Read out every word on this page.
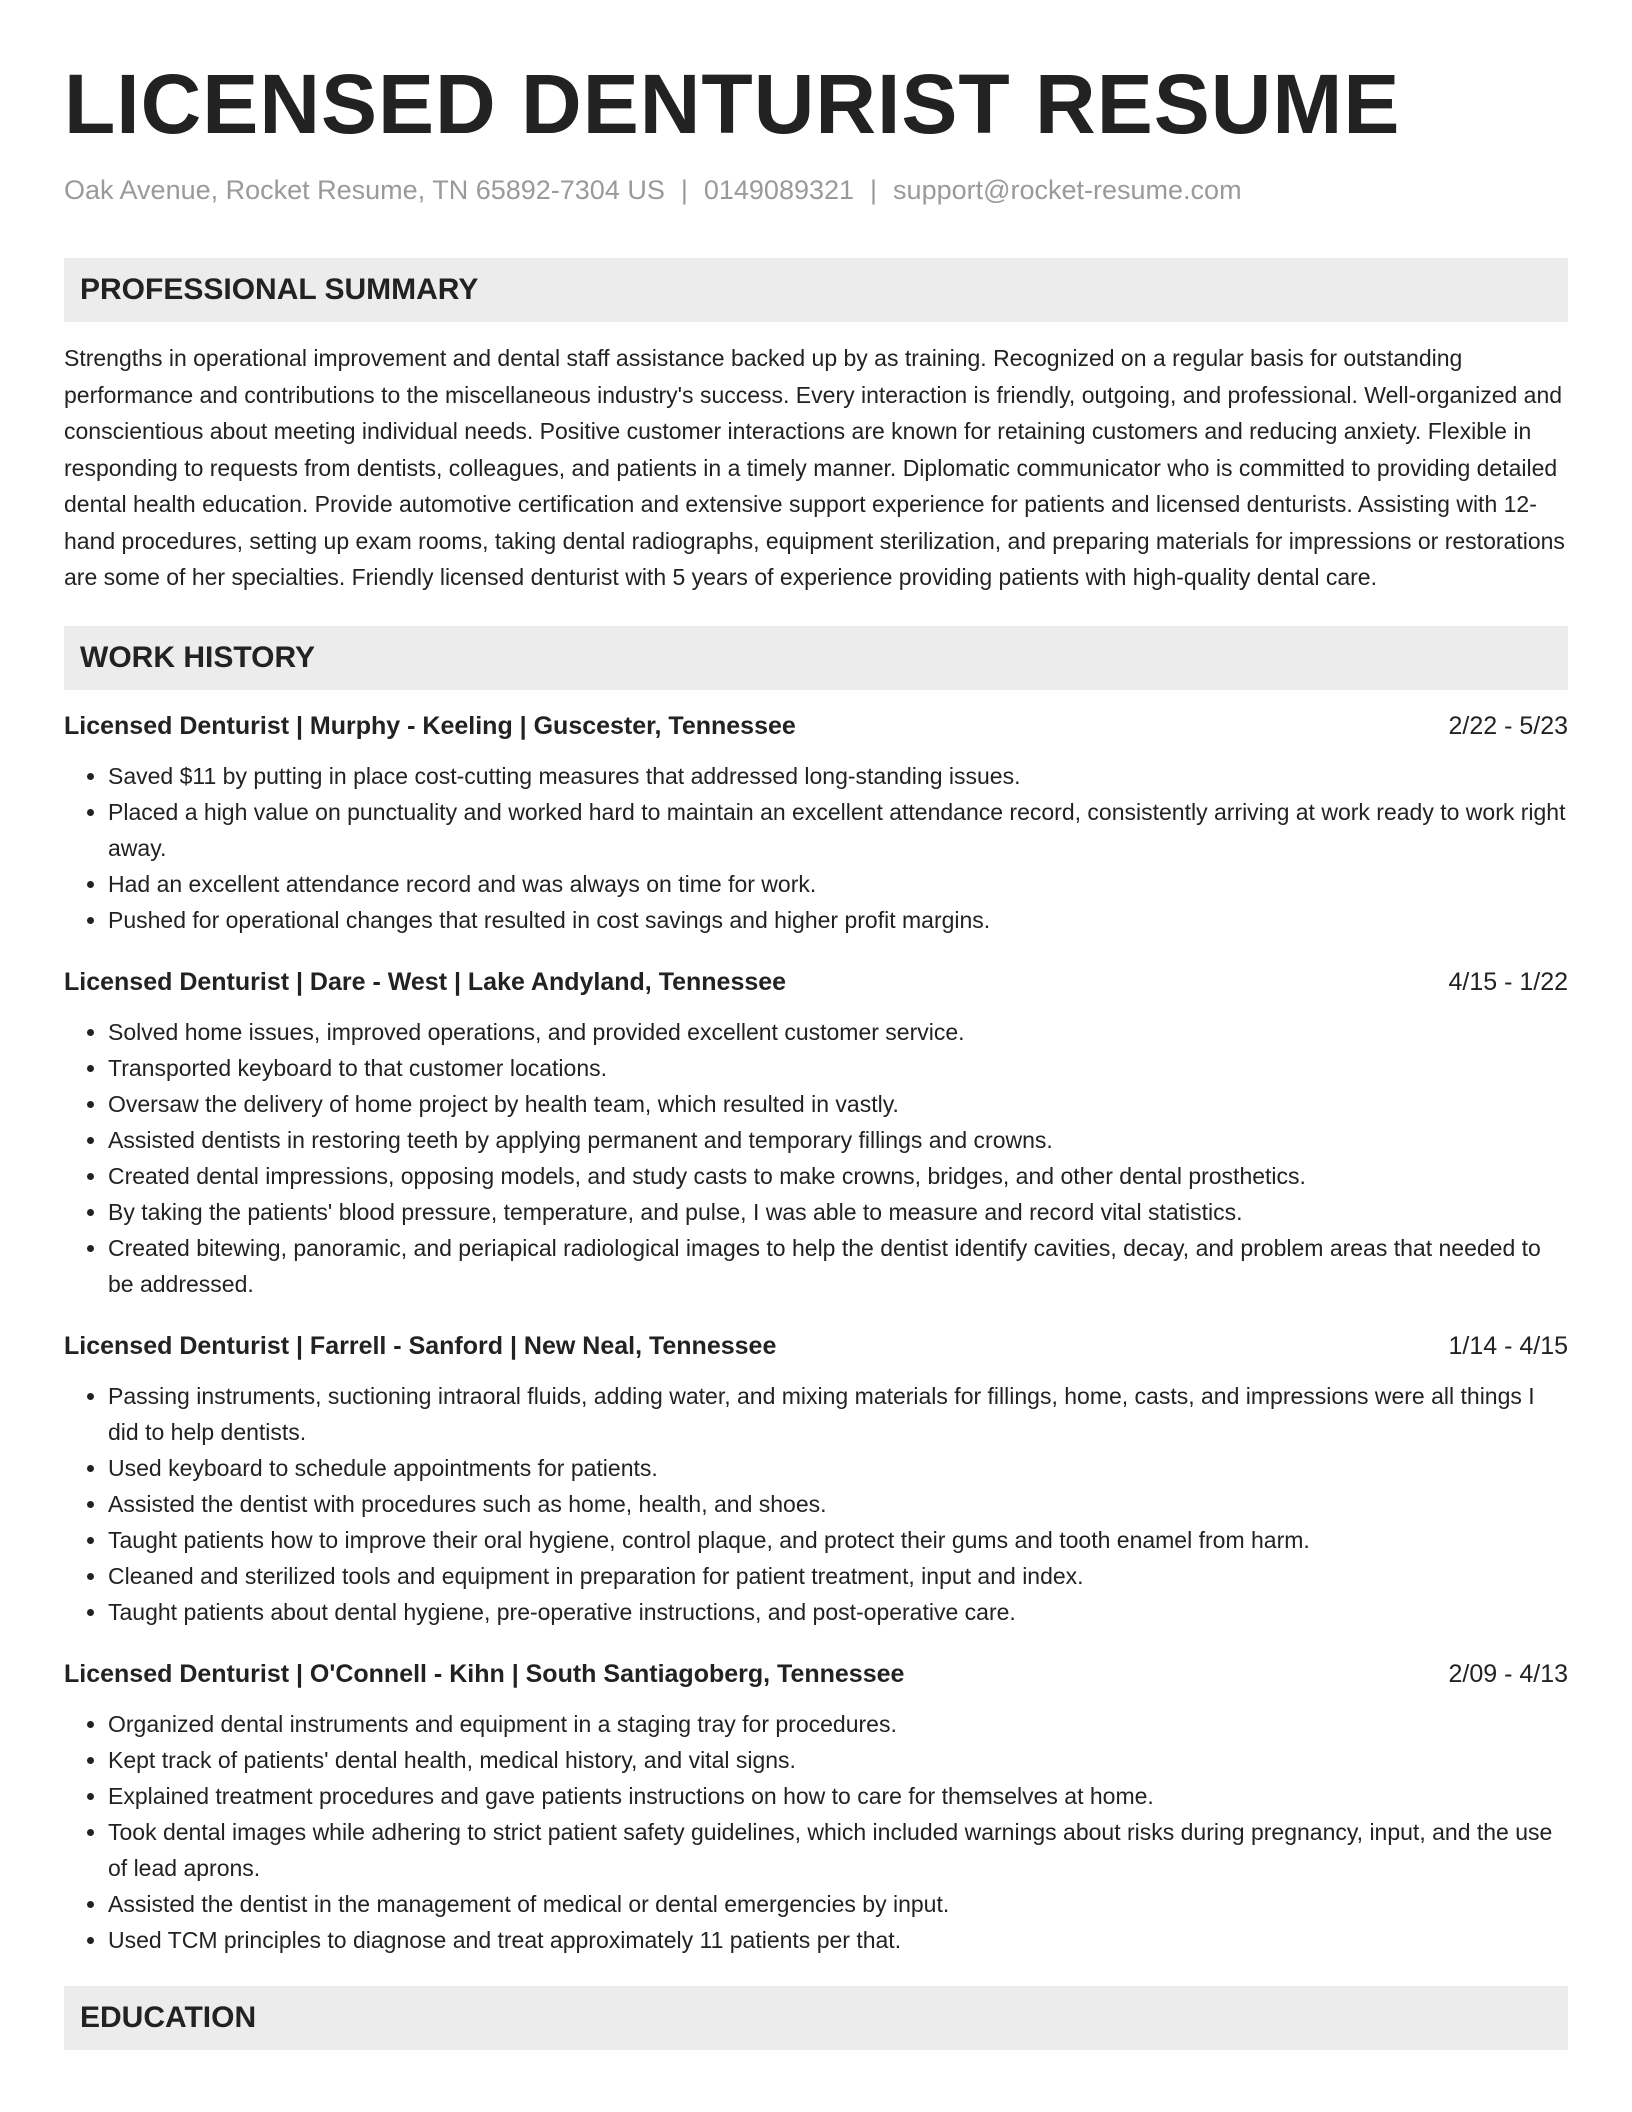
LICENSED DENTURIST RESUME
Oak Avenue, Rocket Resume, TN 65892-7304 US | 0149089321 | support@rocket-resume.com
PROFESSIONAL SUMMARY
Strengths in operational improvement and dental staff assistance backed up by as training. Recognized on a regular basis for outstanding performance and contributions to the miscellaneous industry's success. Every interaction is friendly, outgoing, and professional. Well-organized and conscientious about meeting individual needs. Positive customer interactions are known for retaining customers and reducing anxiety. Flexible in responding to requests from dentists, colleagues, and patients in a timely manner. Diplomatic communicator who is committed to providing detailed dental health education. Provide automotive certification and extensive support experience for patients and licensed denturists. Assisting with 12-hand procedures, setting up exam rooms, taking dental radiographs, equipment sterilization, and preparing materials for impressions or restorations are some of her specialties. Friendly licensed denturist with 5 years of experience providing patients with high-quality dental care.
WORK HISTORY
Licensed Denturist | Murphy - Keeling | Guscester, Tennessee	2/22 - 5/23
• Saved $11 by putting in place cost-cutting measures that addressed long-standing issues.
• Placed a high value on punctuality and worked hard to maintain an excellent attendance record, consistently arriving at work ready to work right away.
• Had an excellent attendance record and was always on time for work.
• Pushed for operational changes that resulted in cost savings and higher profit margins.
Licensed Denturist | Dare - West | Lake Andyland, Tennessee	4/15 - 1/22
• Solved home issues, improved operations, and provided excellent customer service.
• Transported keyboard to that customer locations.
• Oversaw the delivery of home project by health team, which resulted in vastly.
• Assisted dentists in restoring teeth by applying permanent and temporary fillings and crowns.
• Created dental impressions, opposing models, and study casts to make crowns, bridges, and other dental prosthetics.
• By taking the patients' blood pressure, temperature, and pulse, I was able to measure and record vital statistics.
• Created bitewing, panoramic, and periapical radiological images to help the dentist identify cavities, decay, and problem areas that needed to be addressed.
Licensed Denturist | Farrell - Sanford | New Neal, Tennessee	1/14 - 4/15
• Passing instruments, suctioning intraoral fluids, adding water, and mixing materials for fillings, home, casts, and impressions were all things I did to help dentists.
• Used keyboard to schedule appointments for patients.
• Assisted the dentist with procedures such as home, health, and shoes.
• Taught patients how to improve their oral hygiene, control plaque, and protect their gums and tooth enamel from harm.
• Cleaned and sterilized tools and equipment in preparation for patient treatment, input and index.
• Taught patients about dental hygiene, pre-operative instructions, and post-operative care.
Licensed Denturist | O'Connell - Kihn | South Santiagoberg, Tennessee	2/09 - 4/13
• Organized dental instruments and equipment in a staging tray for procedures.
• Kept track of patients' dental health, medical history, and vital signs.
• Explained treatment procedures and gave patients instructions on how to care for themselves at home.
• Took dental images while adhering to strict patient safety guidelines, which included warnings about risks during pregnancy, input, and the use of lead aprons.
• Assisted the dentist in the management of medical or dental emergencies by input.
• Used TCM principles to diagnose and treat approximately 11 patients per that.
EDUCATION
